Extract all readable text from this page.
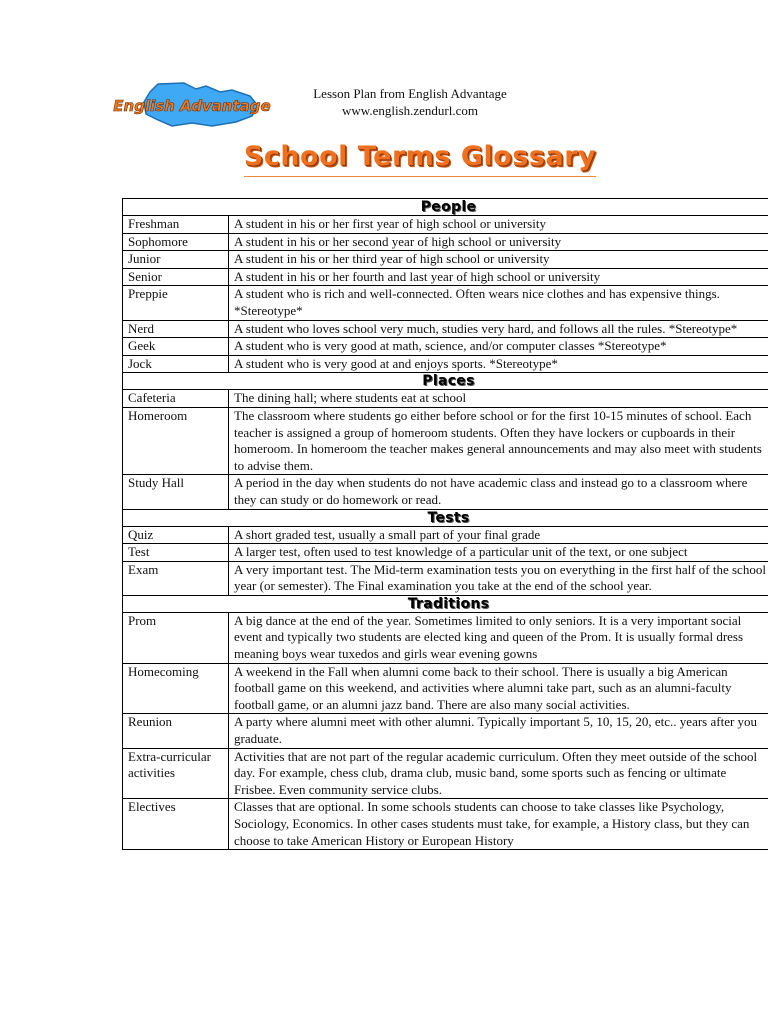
English Advantage
Lesson Plan from English Advantage
www.english.zendurl.com
School Terms Glossary
People	
Freshman	A student in his or her first year of high school or university
Sophomore	A student in his or her second year of high school or university
Junior	A student in his or her third year of high school or university
Senior	A student in his or her fourth and last year of high school or university
Preppie	A student who is rich and well-connected. Often wears nice clothes and has expensive things. *Stereotype*
Nerd	A student who loves school very much, studies very hard, and follows all the rules. *Stereotype*
Geek	A student who is very good at math, science, and/or computer classes *Stereotype*
Jock	A student who is very good at and enjoys sports. *Stereotype*
Places	
Cafeteria	The dining hall; where students eat at school
Homeroom	The classroom where students go either before school or for the first 10-15 minutes of school. Each teacher is assigned a group of homeroom students. Often they have lockers or cupboards in their homeroom. In homeroom the teacher makes general announcements and may also meet with students to advise them.
Study Hall	A period in the day when students do not have academic class and instead go to a classroom where they can study or do homework or read.
Tests	
Quiz	A short graded test, usually a small part of your final grade
Test	A larger test, often used to test knowledge of a particular unit of the text, or one subject
Exam	A very important test. The Mid-term examination tests you on everything in the first half of the school year (or semester). The Final examination you take at the end of the school year.
Traditions	
Prom	A big dance at the end of the year. Sometimes limited to only seniors. It is a very important social event and typically two students are elected king and queen of the Prom. It is usually formal dress meaning boys wear tuxedos and girls wear evening gowns
Homecoming	A weekend in the Fall when alumni come back to their school. There is usually a big American football game on this weekend, and activities where alumni take part, such as an alumni-faculty football game, or an alumni jazz band. There are also many social activities.
Reunion	A party where alumni meet with other alumni. Typically important 5, 10, 15, 20, etc.. years after you graduate.
Extra-curricular activities	Activities that are not part of the regular academic curriculum. Often they meet outside of the school day. For example, chess club, drama club, music band, some sports such as fencing or ultimate Frisbee. Even community service clubs.
Electives	Classes that are optional. In some schools students can choose to take classes like Psychology, Sociology, Economics. In other cases students must take, for example, a History class, but they can choose to take American History or European History
